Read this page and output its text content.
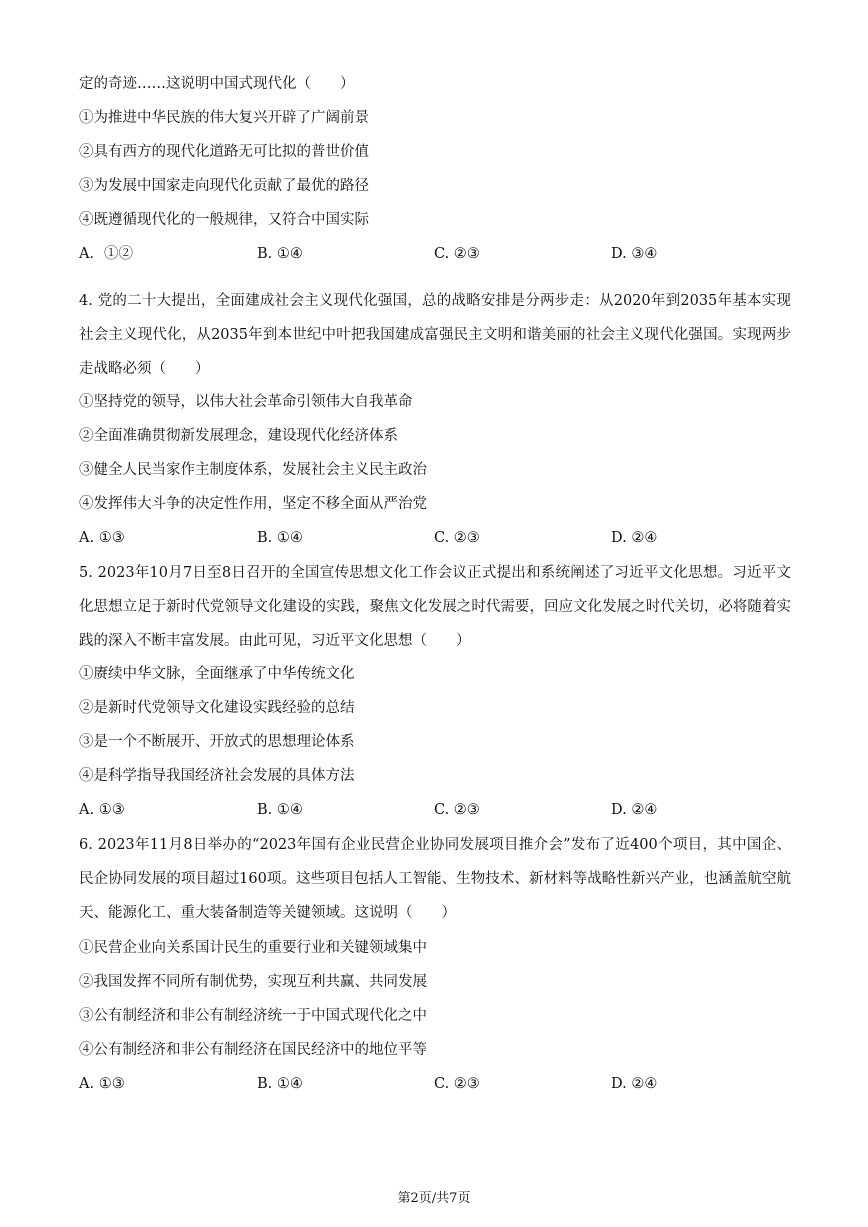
定的奇迹……这说明中国式现代化（　　）
①为推进中华民族的伟大复兴开辟了广阔前景
②具有西方的现代化道路无可比拟的普世价值
③为发展中国家走向现代化贡献了最优的路径
④既遵循现代化的一般规律，又符合中国实际
A．①②	B. ①④	C. ②③	D. ③④
4. 党的二十大提出，全面建成社会主义现代化强国，总的战略安排是分两步走：从2020年到2035年基本实现社会主义现代化，从2035年到本世纪中叶把我国建成富强民主文明和谐美丽的社会主义现代化强国。实现两步走战略必须（　　）
①坚持党的领导，以伟大社会革命引领伟大自我革命
②全面准确贯彻新发展理念，建设现代化经济体系
③健全人民当家作主制度体系，发展社会主义民主政治
④发挥伟大斗争的决定性作用，坚定不移全面从严治党
A. ①③	B. ①④	C. ②③	D. ②④
5. 2023年10月7日至8日召开的全国宣传思想文化工作会议正式提出和系统阐述了习近平文化思想。习近平文化思想立足于新时代党领导文化建设的实践，聚焦文化发展之时代需要，回应文化发展之时代关切，必将随着实践的深入不断丰富发展。由此可见，习近平文化思想（　　）
①赓续中华文脉，全面继承了中华传统文化
②是新时代党领导文化建设实践经验的总结
③是一个不断展开、开放式的思想理论体系
④是科学指导我国经济社会发展的具体方法
A. ①③	B. ①④	C. ②③	D. ②④
6. 2023年11月8日举办的“2023年国有企业民营企业协同发展项目推介会”发布了近400个项目，其中国企、民企协同发展的项目超过160项。这些项目包括人工智能、生物技术、新材料等战略性新兴产业，也涵盖航空航天、能源化工、重大装备制造等关键领域。这说明（　　）
①民营企业向关系国计民生的重要行业和关键领域集中
②我国发挥不同所有制优势，实现互利共赢、共同发展
③公有制经济和非公有制经济统一于中国式现代化之中
④公有制经济和非公有制经济在国民经济中的地位平等
A. ①③	B. ①④	C. ②③	D. ②④
第2页/共7页
